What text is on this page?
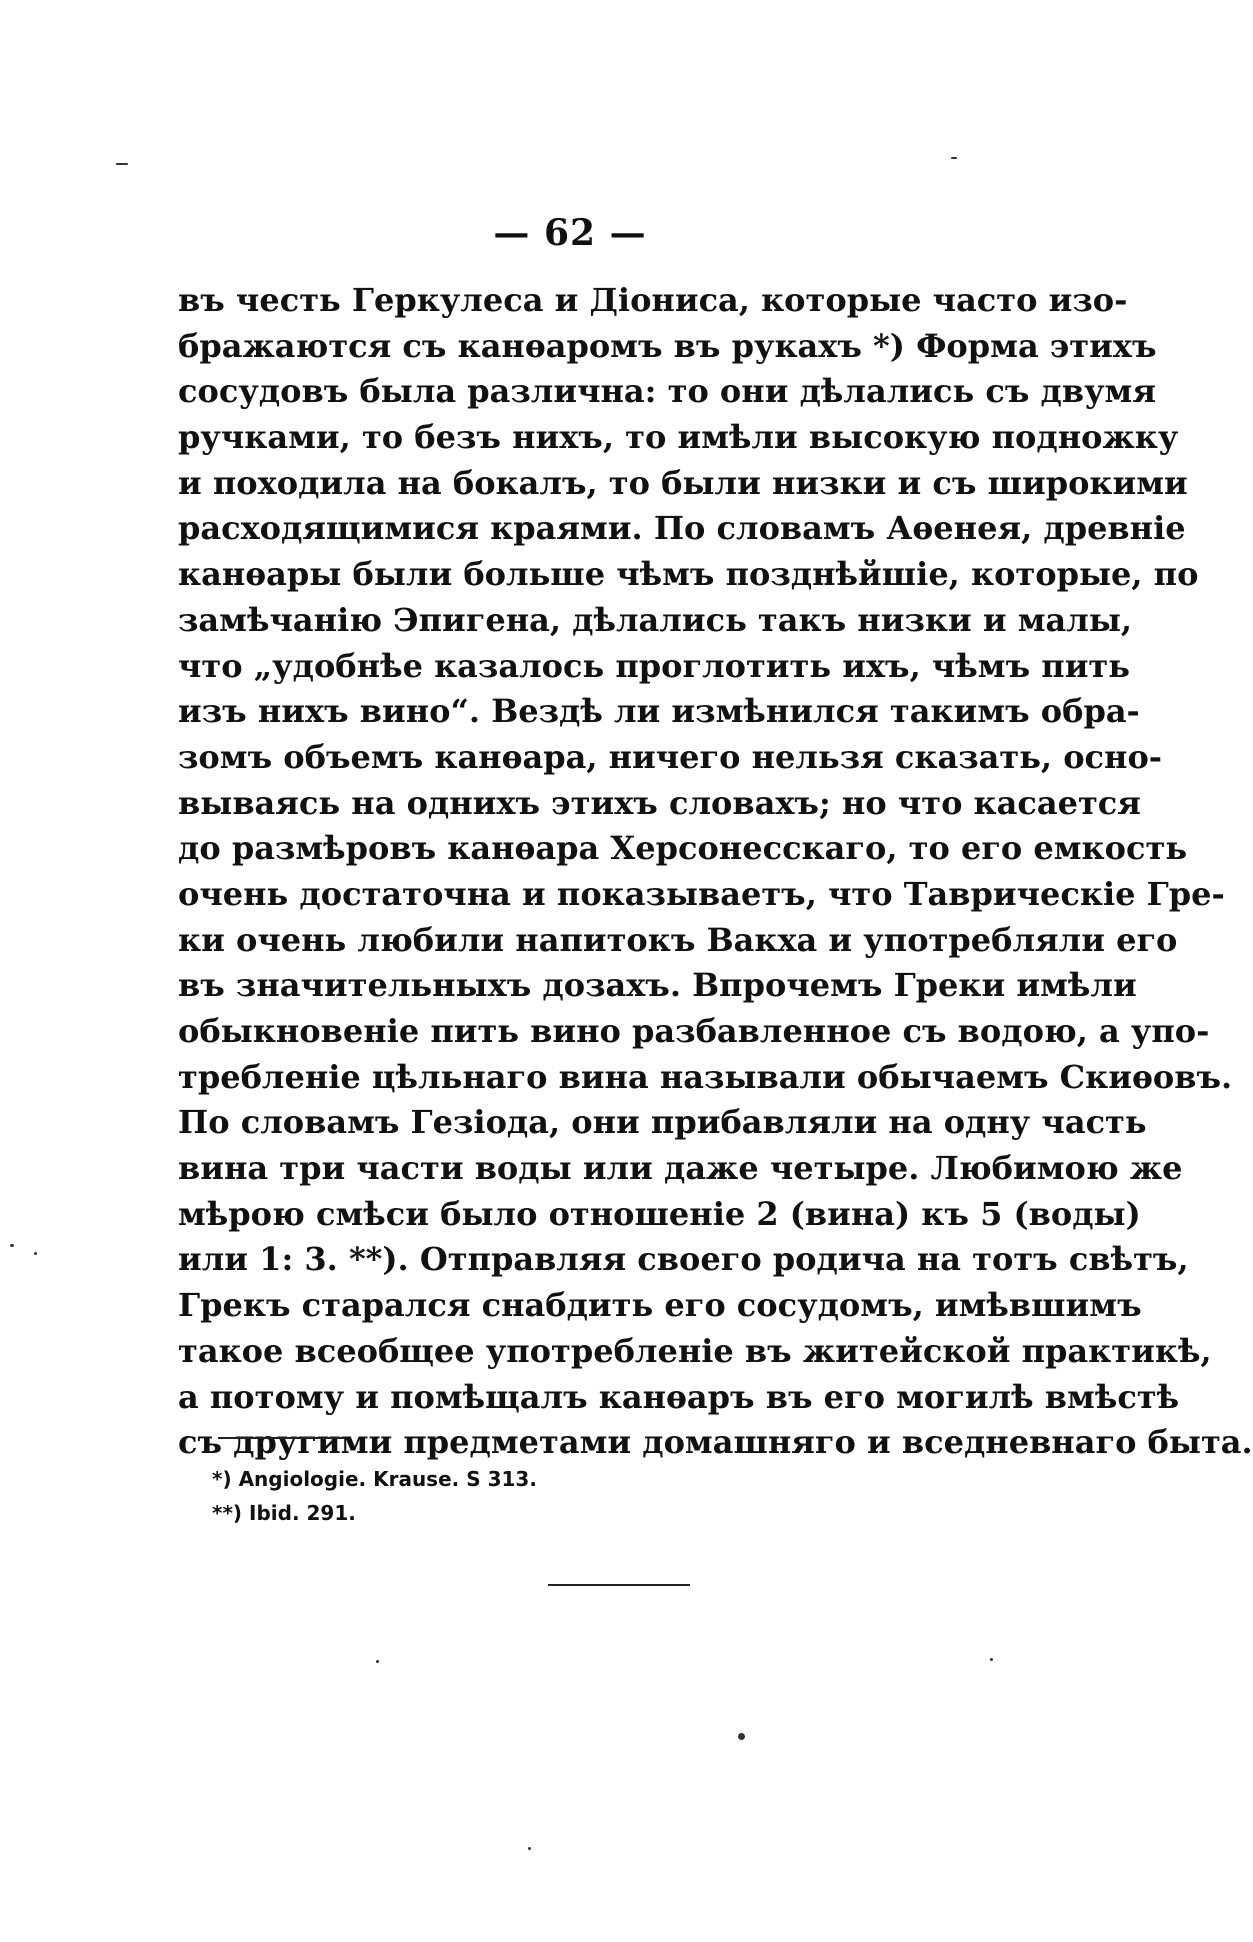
— 62 —
въ честь Геркулеса и Діониса, которые часто изо-
бражаются съ канѳаромъ въ рукахъ *) Форма этихъ
сосудовъ была различна: то они дѣлались съ двумя
ручками, то безъ нихъ, то имѣли высокую подножку
и походила на бокалъ, то были низки и съ широкими
расходящимися краями. По словамъ Аѳенея, древніе
канѳары были больше чѣмъ позднѣйшіе, которые, по
замѣчанію Эпигена, дѣлались такъ низки и малы,
что „удобнѣе казалось проглотить ихъ, чѣмъ пить
изъ нихъ вино“. Вездѣ ли измѣнился такимъ обра-
зомъ объемъ канѳара, ничего нельзя сказать, осно-
вываясь на однихъ этихъ словахъ; но что касается
до размѣровъ канѳара Херсонесскаго, то его емкость
очень достаточна и показываетъ, что Таврическіе Гре-
ки очень любили напитокъ Вакха и употребляли его
въ значительныхъ дозахъ. Впрочемъ Греки имѣли
обыкновеніе пить вино разбавленное съ водою, а упо-
требленіе цѣльнаго вина называли обычаемъ Скиѳовъ.
По словамъ Гезіода, они прибавляли на одну часть
вина три части воды или даже четыре. Любимою же
мѣрою смѣси было отношеніе 2 (вина) къ 5 (воды)
или 1: 3. **). Отправляя своего родича на тотъ свѣтъ,
Грекъ старался снабдить его сосудомъ, имѣвшимъ
такое всеобщее употребленіе въ житейской практикѣ,
а потому и помѣщалъ канѳаръ въ его могилѣ вмѣстѣ
съ другими предметами домашняго и вседневнаго быта.
*) Angiologie. Krause. S 313.
**) Ibid. 291.
